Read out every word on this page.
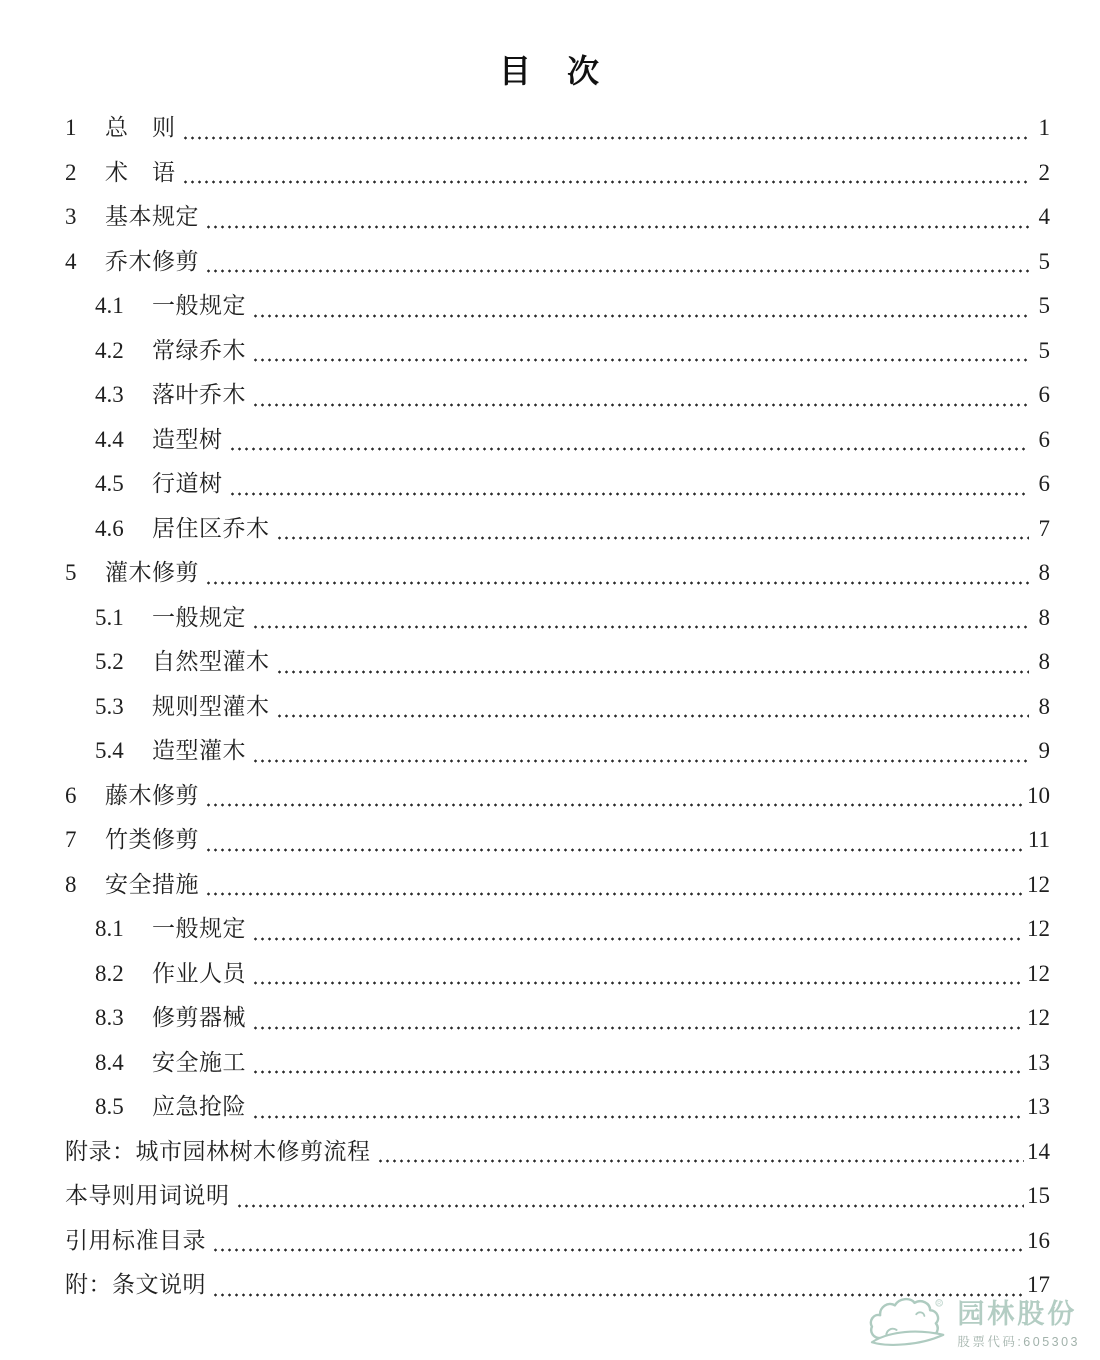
目　次
1	总　则	1
2	术　语	2
3	基本规定	4
4	乔木修剪	5
4.1	一般规定	5
4.2	常绿乔木	5
4.3	落叶乔木	6
4.4	造型树	6
4.5	行道树	6
4.6	居住区乔木	7
5	灌木修剪	8
5.1	一般规定	8
5.2	自然型灌木	8
5.3	规则型灌木	8
5.4	造型灌木	9
6	藤木修剪	10
7	竹类修剪	11
8	安全措施	12
8.1	一般规定	12
8.2	作业人员	12
8.3	修剪器械	12
8.4	安全施工	13
8.5	应急抢险	13
附录：城市园林树木修剪流程	14
本导则用词说明	15
引用标准目录	16
附：条文说明	17
R 园林股份
股票代码:605303
